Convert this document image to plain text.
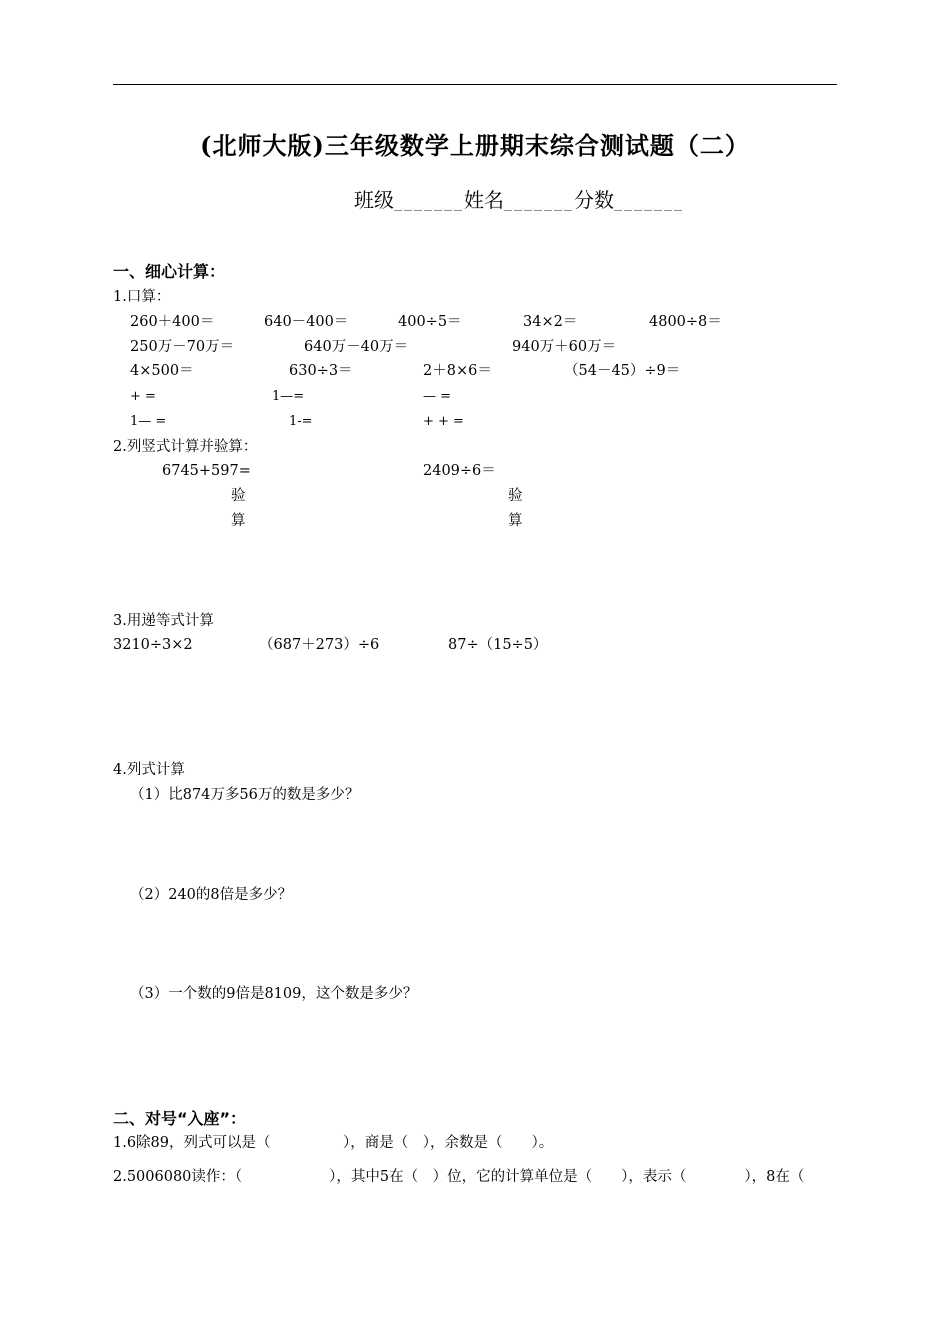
(北师大版)三年级数学上册期末综合测试题（二）
班级_______姓名_______分数_______
一、细心计算：
1.口算：
260＋400＝	640－400＝	400÷5＝	34×2＝	4800÷8＝
250万－70万＝	640万－40万＝	940万＋60万＝
4×500＝	630÷3＝	2＋8×6＝	（54－45）÷9＝
+ =	1—=	— =
1— =	1-=	+ + =
2.列竖式计算并验算：
6745+597=	2409÷6＝
验
算
验
算
3.用递等式计算
3210÷3×2	（687＋273）÷6	87÷（15÷5）
4.列式计算
（1）比874万多56万的数是多少？
（2）240的8倍是多少？
（3）一个数的9倍是8109，这个数是多少？
二、对号“入座”：
1.6除89，列式可以是（　　　　　），商是（　），余数是（　　）。
2.5006080读作：（　　　　　　），其中5在（　）位，它的计算单位是（　　），表示（　　　　），8在（
